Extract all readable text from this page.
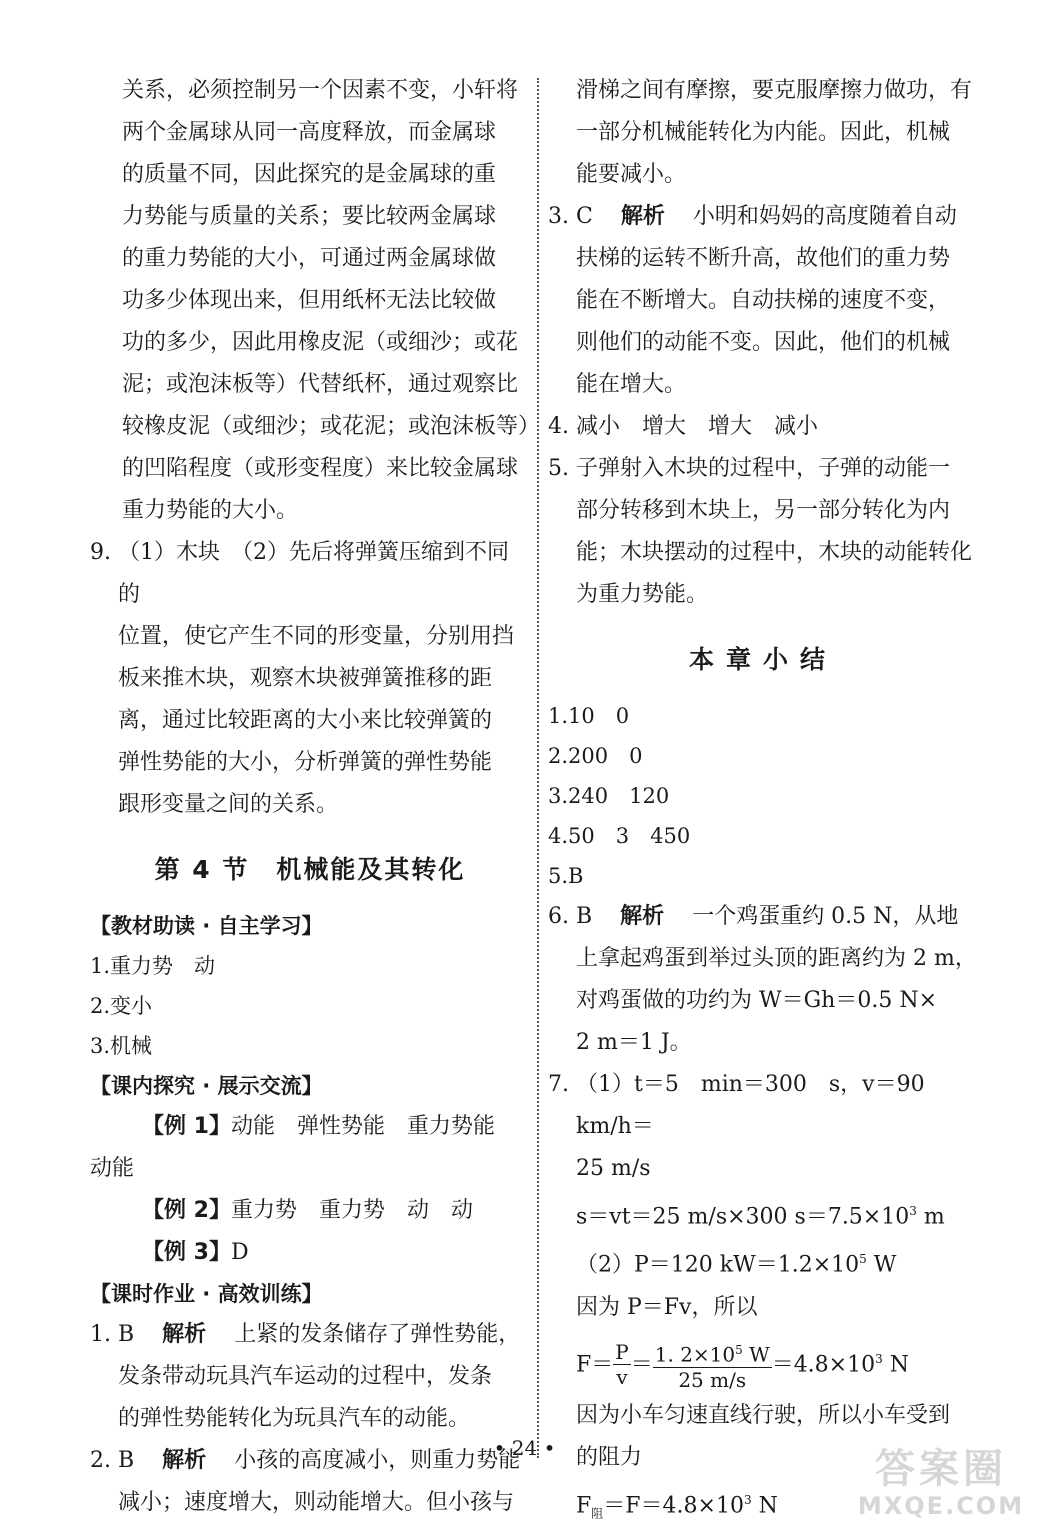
关系，必须控制另一个因素不变，小轩将

两个金属球从同一高度释放，而金属球

的质量不同，因此探究的是金属球的重

力势能与质量的关系；要比较两金属球

的重力势能的大小，可通过两金属球做

功多少体现出来，但用纸杯无法比较做

功的多少，因此用橡皮泥（或细沙；或花

泥；或泡沫板等）代替纸杯，通过观察比

较橡皮泥（或细沙；或花泥；或泡沫板等）

的凹陷程度（或形变程度）来比较金属球

重力势能的大小。

9. （1）木块　（2）先后将弹簧压缩到不同的

位置，使它产生不同的形变量，分别用挡

板来推木块，观察木块被弹簧推移的距

离，通过比较距离的大小来比较弹簧的

弹性势能的大小，分析弹簧的弹性势能

跟形变量之间的关系。

第 4 节　机械能及其转化

【教材助读 · 自主学习】

1.重力势　动

2.变小

3.机械

【课内探究 · 展示交流】

【例 1】动能　弹性势能　重力势能

动能

【例 2】重力势　重力势　动　动

【例 3】D

【课时作业 · 高效训练】

1. B 解析 上紧的发条储存了弹性势能，

发条带动玩具汽车运动的过程中，发条

的弹性势能转化为玩具汽车的动能。

2. B 解析 小孩的高度减小，则重力势能

减小；速度增大，则动能增大。但小孩与

滑梯之间有摩擦，要克服摩擦力做功，有

一部分机械能转化为内能。因此，机械

能要减小。

3. C 解析 小明和妈妈的高度随着自动

扶梯的运转不断升高，故他们的重力势

能在不断增大。自动扶梯的速度不变，

则他们的动能不变。因此，他们的机械

能在增大。

4. 减小　增大　增大　减小

5. 子弹射入木块的过程中，子弹的动能一

部分转移到木块上，另一部分转化为内

能；木块摆动的过程中，木块的动能转化

为重力势能。

本章小结

1.10　0

2.200　0

3.240　120

4.50　3　450

5.B

6. B 解析 一个鸡蛋重约 0.5 N，从地

上拿起鸡蛋到举过头顶的距离约为 2 m，

对鸡蛋做的功约为 W＝Gh＝0.5 N×

2 m＝1 J。

7. （1）t＝5　min＝300　s，v＝90　km/h＝

25 m/s

s＝vt＝25 m/s×300 $s=7.5\times 10^3$ m

（2）P＝120 $kW=1.2\times 10^5$ W

因为 P＝Fv，所以

$F= \frac{P}{v} = \frac{1. 2\times 10^5 W}{25 m/s} =4.8\times 10^3$ N

因为小车匀速直线行驶，所以小车受到

的阻力

$F_阻=F=4.8\times 10^3$ N

• 24 •	答案圈
MXQE.COM
